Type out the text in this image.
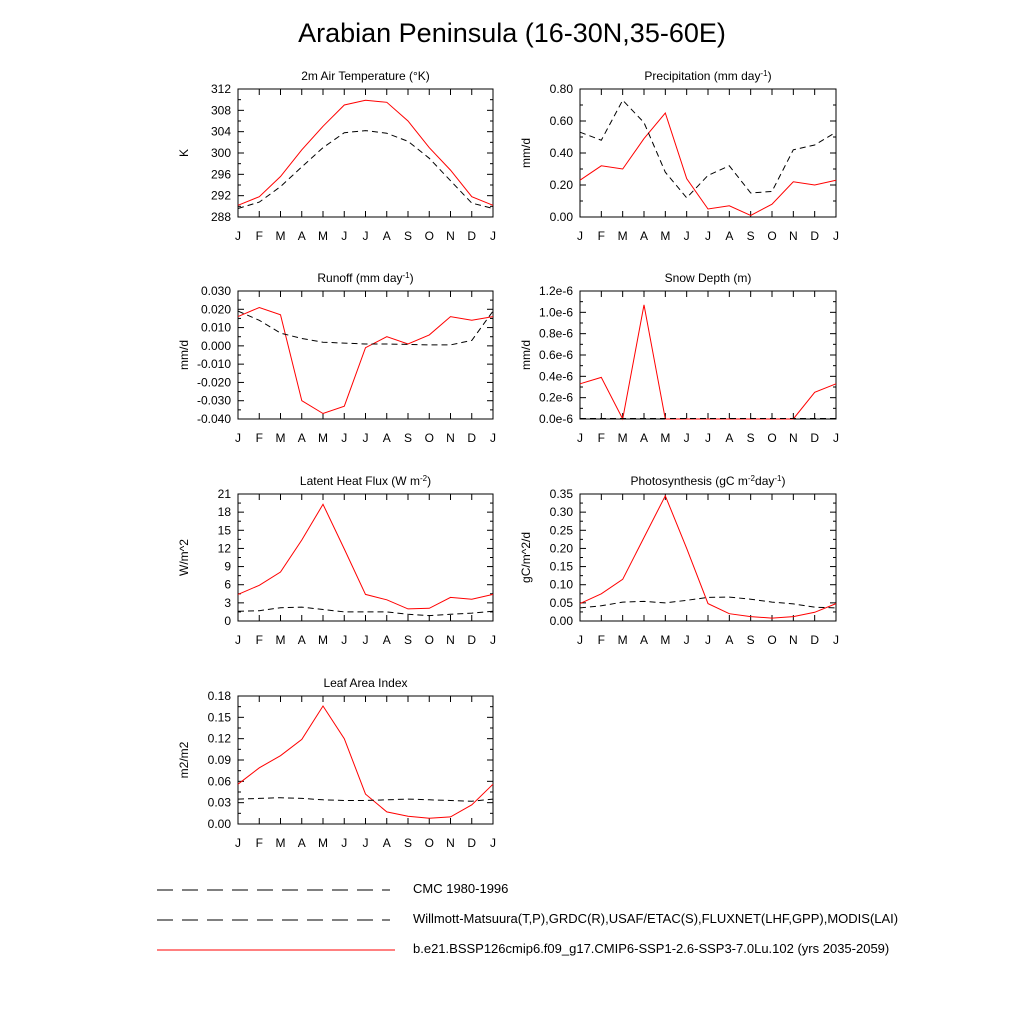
Arabian Peninsula (16-30N,35-60E)
2m Air Temperature (°K)
K
288
292
296
300
304
308
312
J F M A M J J A S O N D J
Precipitation (mm day$^{-1}$)
mm/d
0.00
0.20
0.40
0.60
0.80
J F M A M J J A S O N D J
Runoff (mm day$^{-1}$)
mm/d
-0.040
-0.030
-0.020
-0.010
0.000
0.010
0.020
0.030
J F M A M J J A S O N D J
Snow Depth (m)
mm/d
0.0e-6
0.2e-6
0.4e-6
0.6e-6
0.8e-6
1.0e-6
1.2e-6
J F M A M J J A S O N D J
Latent Heat Flux (W $m^{-2}$)
W/m^2
0
3
6
9
12
15
18
21
J F M A M J J A S O N D J
Photosynthesis (gC $m^{-2}day^{-1}$)
gC/m^2/d
0.00
0.05
0.10
0.15
0.20
0.25
0.30
0.35
J F M A M J J A S O N D J
Leaf Area Index
m2/m2
0.00
0.03
0.06
0.09
0.12
0.15
0.18
J F M A M J J A S O N D J
CMC 1980-1996
Willmott-Matsuura(T,P),GRDC(R),USAF/ETAC(S),FLUXNET(LHF,GPP),MODIS(LAI)
b.e21.BSSP126cmip6.f09_g17.CMIP6-SSP1-2.6-SSP3-7.0Lu.102 (yrs 2035-2059)
